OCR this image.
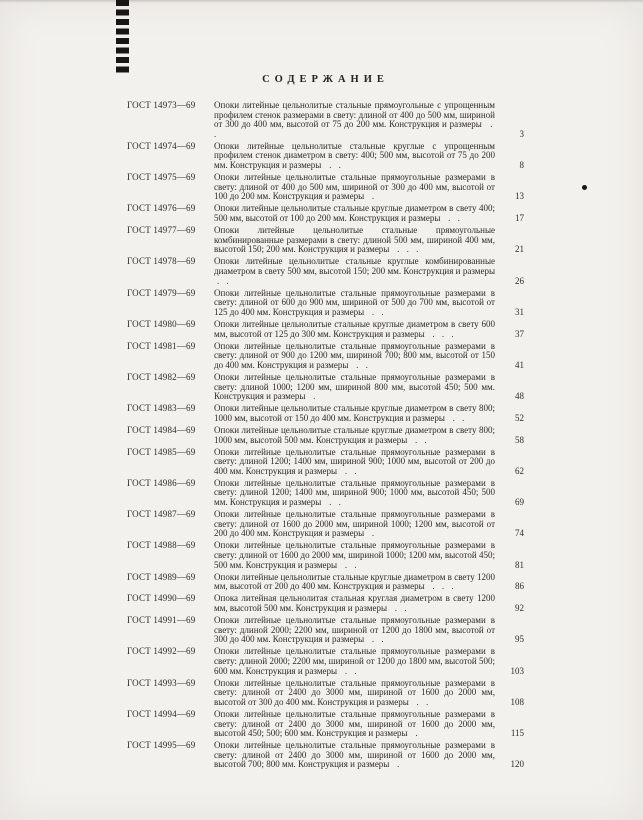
СОДЕРЖАНИЕ
ГОСТ 14973—69	Опоки литейные цельнолитые стальные прямоугольные с упрощенным профилем стенок размерами в свету: длиной от 400 до 500 мм, шириной от 300 до 400 мм, высотой от 75 до 200 мм. Конструкция и размеры . .	3
ГОСТ 14974—69	Опоки литейные цельнолитые стальные круглые с упрощенным профилем стенок диаметром в свету: 400; 500 мм, высотой от 75 до 200 мм. Конструкция и размеры . .	8
ГОСТ 14975—69	Опоки литейные цельнолитые стальные прямоугольные размерами в свету: длиной от 400 до 500 мм, шириной от 300 до 400 мм, высотой от 100 до 200 мм. Конструкция и размеры .	13
ГОСТ 14976—69	Опоки литейные цельнолитые стальные круглые диаметром в свету 400; 500 мм, высотой от 100 до 200 мм. Конструкция и размеры . .	17
ГОСТ 14977—69	Опоки литейные цельнолитые стальные прямоугольные комбинированные размерами в свету: длиной 500 мм, шириной 400 мм, высотой 150; 200 мм. Конструкция и размеры . . .	21
ГОСТ 14978—69	Опоки литейные цельнолитые стальные круглые комбинированные диаметром в свету 500 мм, высотой 150; 200 мм. Конструкция и размеры . .	26
ГОСТ 14979—69	Опоки литейные цельнолитые стальные прямоугольные размерами в свету: длиной от 600 до 900 мм, шириной от 500 до 700 мм, высотой от 125 до 400 мм. Конструкция и размеры . .	31
ГОСТ 14980—69	Опоки литейные цельнолитые стальные круглые диаметром в свету 600 мм, высотой от 125 до 300 мм. Конструкция и размеры . . .	37
ГОСТ 14981—69	Опоки литейные цельнолитые стальные прямоугольные размерами в свету: длиной от 900 до 1200 мм, шириной 700; 800 мм, высотой от 150 до 400 мм. Конструкция и размеры . .	41
ГОСТ 14982—69	Опоки литейные цельнолитые стальные прямоугольные размерами в свету: длиной 1000; 1200 мм, шириной 800 мм, высотой 450; 500 мм. Конструкция и размеры .	48
ГОСТ 14983—69	Опоки литейные цельнолитые стальные круглые диаметром в свету 800; 1000 мм, высотой от 150 до 400 мм. Конструкция и размеры . .	52
ГОСТ 14984—69	Опоки литейные цельнолитые стальные круглые диаметром в свету 800; 1000 мм, высотой 500 мм. Конструкция и размеры . .	58
ГОСТ 14985—69	Опоки литейные цельнолитые стальные прямоугольные размерами в свету: длиной 1200; 1400 мм, шириной 900; 1000 мм, высотой от 200 до 400 мм. Конструкция и размеры . .	62
ГОСТ 14986—69	Опоки литейные цельнолитые стальные прямоугольные размерами в свету: длиной 1200; 1400 мм, шириной 900; 1000 мм, высотой 450; 500 мм. Конструкция и размеры . .	69
ГОСТ 14987—69	Опоки литейные цельнолитые стальные прямоугольные размерами в свету: длиной от 1600 до 2000 мм, шириной 1000; 1200 мм, высотой от 200 до 400 мм. Конструкция и размеры .	74
ГОСТ 14988—69	Опоки литейные цельнолитые стальные прямоугольные размерами в свету: длиной от 1600 до 2000 мм, шириной 1000; 1200 мм, высотой 450; 500 мм. Конструкция и размеры . .	81
ГОСТ 14989—69	Опоки литейные цельнолитые стальные круглые диаметром в свету 1200 мм, высотой от 200 до 400 мм. Конструкция и размеры . . .	86
ГОСТ 14990—69	Опока литейная цельнолитая стальная круглая диаметром в свету 1200 мм, высотой 500 мм. Конструкция и размеры . .	92
ГОСТ 14991—69	Опоки литейные цельнолитые стальные прямоугольные размерами в свету: длиной 2000; 2200 мм, шириной от 1200 до 1800 мм, высотой от 300 до 400 мм. Конструкция и размеры . .	95
ГОСТ 14992—69	Опоки литейные цельнолитые стальные прямоугольные размерами в свету: длиной 2000; 2200 мм, шириной от 1200 до 1800 мм, высотой 500; 600 мм. Конструкция и размеры . .	103
ГОСТ 14993—69	Опоки литейные цельнолитые стальные прямоугольные размерами в свету: длиной от 2400 до 3000 мм, шириной от 1600 до 2000 мм, высотой от 300 до 400 мм. Конструкция и размеры . .	108
ГОСТ 14994—69	Опоки литейные цельнолитые стальные прямоугольные размерами в свету: длиной от 2400 до 3000 мм, шириной от 1600 до 2000 мм, высотой 450; 500; 600 мм. Конструкция и размеры .	115
ГОСТ 14995—69	Опоки литейные цельнолитые стальные прямоугольные размерами в свету: длиной от 2400 до 3000 мм, шириной от 1600 до 2000 мм, высотой 700; 800 мм. Конструкция и размеры .	120
